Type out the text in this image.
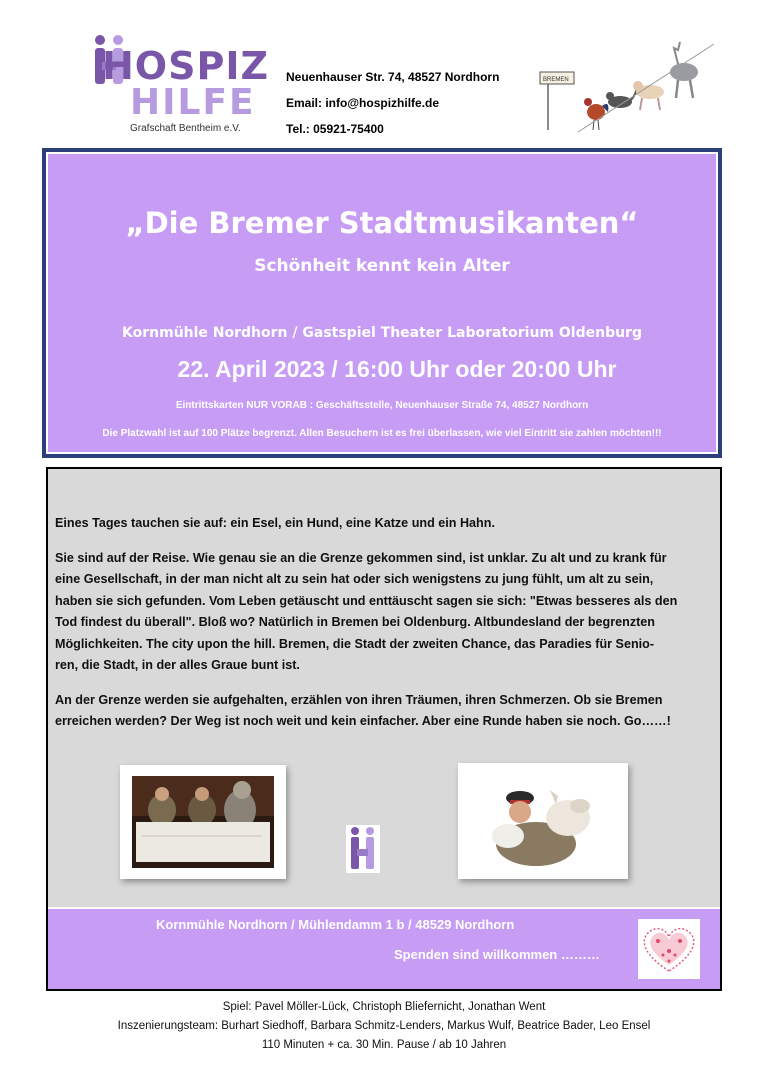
HOSPIZ
HILFE
Grafschaft Bentheim e.V.
Neuenhauser Str. 74, 48527 Nordhorn
Email: info@hospizhilfe.de
Tel.: 05921-75400
BREMEN
„Die Bremer Stadtmusikanten“
Schönheit kennt kein Alter
Kornmühle Nordhorn / Gastspiel Theater Laboratorium Oldenburg
22. April 2023 / 16:00 Uhr oder 20:00 Uhr
Eintrittskarten NUR VORAB : Geschäftsstelle, Neuenhauser Straße 74, 48527 Nordhorn
Die Platzwahl ist auf 100 Plätze begrenzt. Allen Besuchern ist es frei überlassen, wie viel Eintritt sie zahlen möchten!!!

Eines Tages tauchen sie auf: ein Esel, ein Hund, eine Katze und ein Hahn.

Sie sind auf der Reise. Wie genau sie an die Grenze gekommen sind, ist unklar. Zu alt und zu krank für
eine Gesellschaft, in der man nicht alt zu sein hat oder sich wenigstens zu jung fühlt, um alt zu sein,
haben sie sich gefunden. Vom Leben getäuscht und enttäuscht sagen sie sich: "Etwas besseres als den
Tod findest du überall". Bloß wo? Natürlich in Bremen bei Oldenburg. Altbundesland der begrenzten
Möglichkeiten. The city upon the hill. Bremen, die Stadt der zweiten Chance, das Paradies für Senio-
ren, die Stadt, in der alles Graue bunt ist.

An der Grenze werden sie aufgehalten, erzählen von ihren Träumen, ihren Schmerzen. Ob sie Bremen
erreichen werden? Der Weg ist noch weit und kein einfacher. Aber eine Runde haben sie noch. Go……!

Kornmühle Nordhorn / Mühlendamm 1 b / 48529 Nordhorn
Spenden sind willkommen ………
Spiel: Pavel Möller-Lück, Christoph Bliefernicht, Jonathan Went
Inszenierungsteam: Burhart Siedhoff, Barbara Schmitz-Lenders, Markus Wulf, Beatrice Bader, Leo Ensel
110 Minuten + ca. 30 Min. Pause / ab 10 Jahren
